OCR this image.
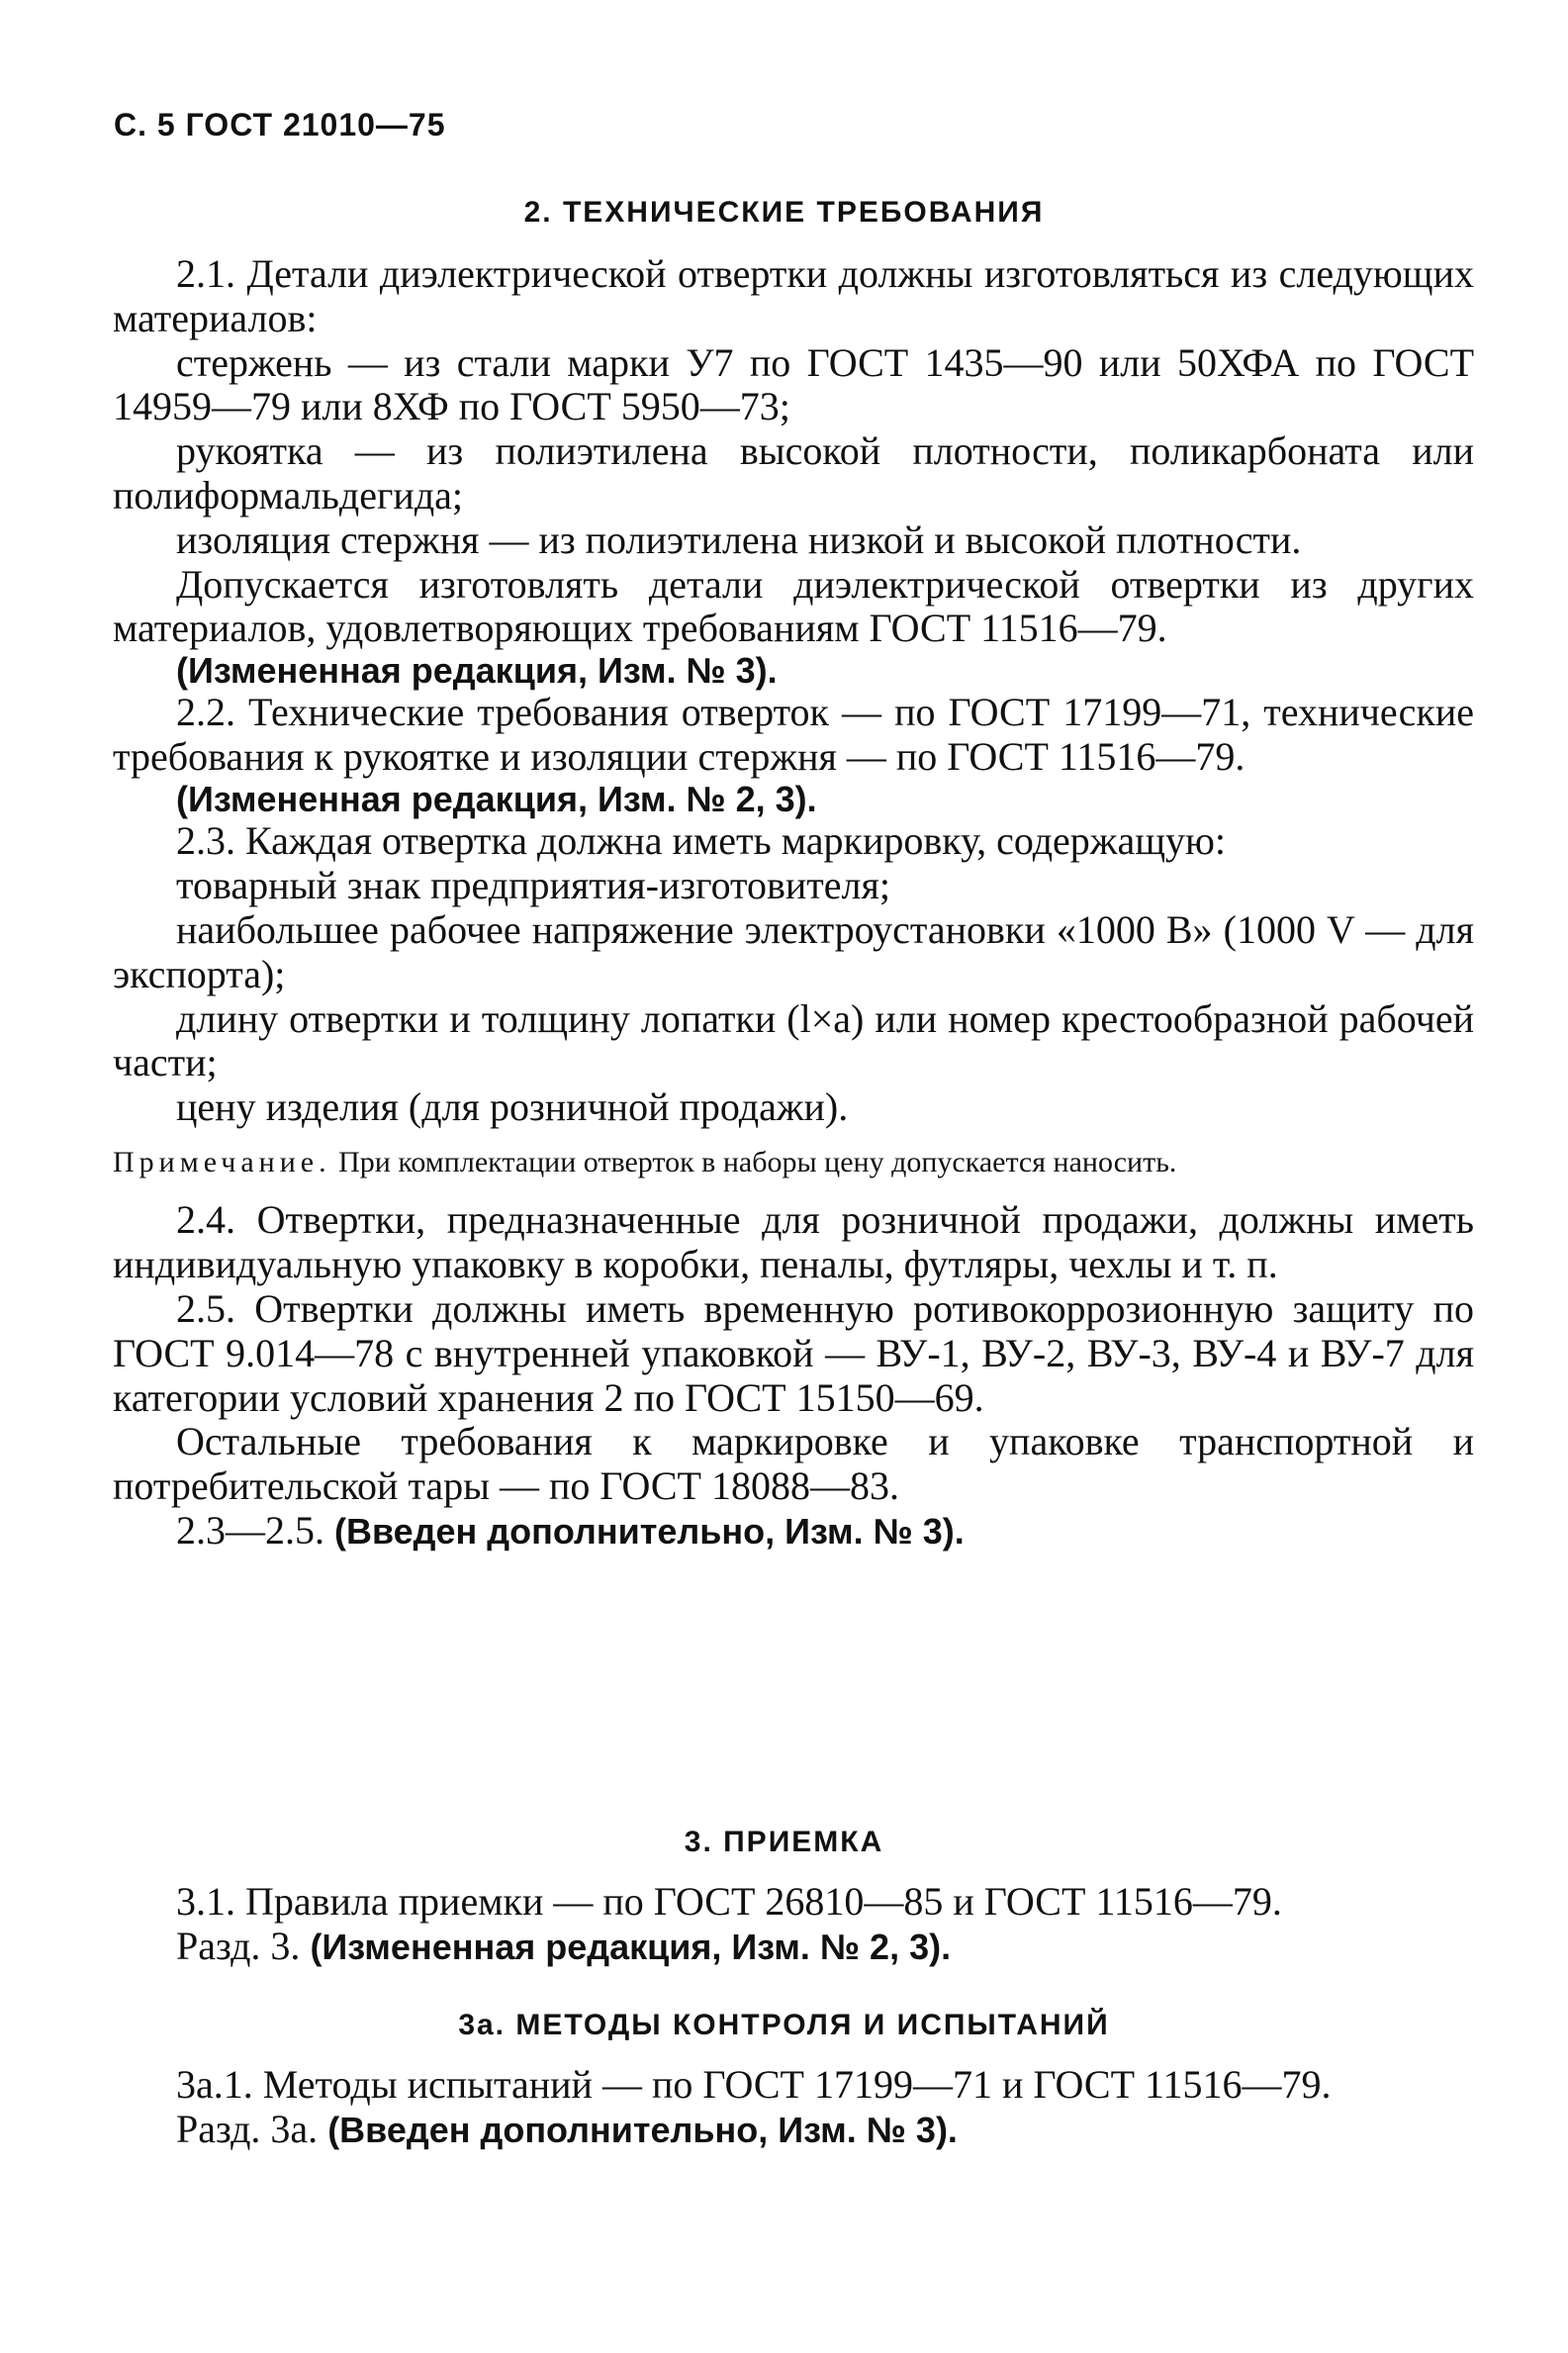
С. 5 ГОСТ 21010—75
2. ТЕХНИЧЕСКИЕ ТРЕБОВАНИЯ

2.1. Детали диэлектрической отвертки должны изготовляться из следующих материалов:

стержень — из стали марки У7 по ГОСТ 1435—90 или 50ХФА по ГОСТ 14959—79 или 8ХФ по ГОСТ 5950—73;

рукоятка — из полиэтилена высокой плотности, поликарбоната или полиформальдегида;

изоляция стержня — из полиэтилена низкой и высокой плотности.

Допускается изготовлять детали диэлектрической отвертки из других материалов, удовлетворяющих требованиям ГОСТ 11516—79.

(Измененная редакция, Изм. № 3).

2.2. Технические требования отверток — по ГОСТ 17199—71, технические требования к рукоятке и изоляции стержня — по ГОСТ 11516—79.

(Измененная редакция, Изм. № 2, 3).

2.3. Каждая отвертка должна иметь маркировку, содержащую:

товарный знак предприятия-изготовителя;

наибольшее рабочее напряжение электроустановки «1000 В» (1000 V — для экспорта);

длину отвертки и толщину лопатки (l×a) или номер крестообразной рабочей части;

цену изделия (для розничной продажи).

Примечание. При комплектации отверток в наборы цену допускается наносить.

2.4. Отвертки, предназначенные для розничной продажи, должны иметь индивидуальную упаковку в коробки, пеналы, футляры, чехлы и т. п.

2.5. Отвертки должны иметь временную ротивокоррозионную защиту по ГОСТ 9.014—78 с внутренней упаковкой — ВУ-1, ВУ-2, ВУ-3, ВУ-4 и ВУ-7 для категории условий хранения 2 по ГОСТ 15150—69.

Остальные требования к маркировке и упаковке транспортной и потребительской тары — по ГОСТ 18088—83.

2.3—2.5. (Введен дополнительно, Изм. № 3).

3. ПРИЕМКА

3.1. Правила приемки — по ГОСТ 26810—85 и ГОСТ 11516—79.

Разд. 3. (Измененная редакция, Изм. № 2, 3).

3а. МЕТОДЫ КОНТРОЛЯ И ИСПЫТАНИЙ

3а.1. Методы испытаний — по ГОСТ 17199—71 и ГОСТ 11516—79.

Разд. 3а. (Введен дополнительно, Изм. № 3).
